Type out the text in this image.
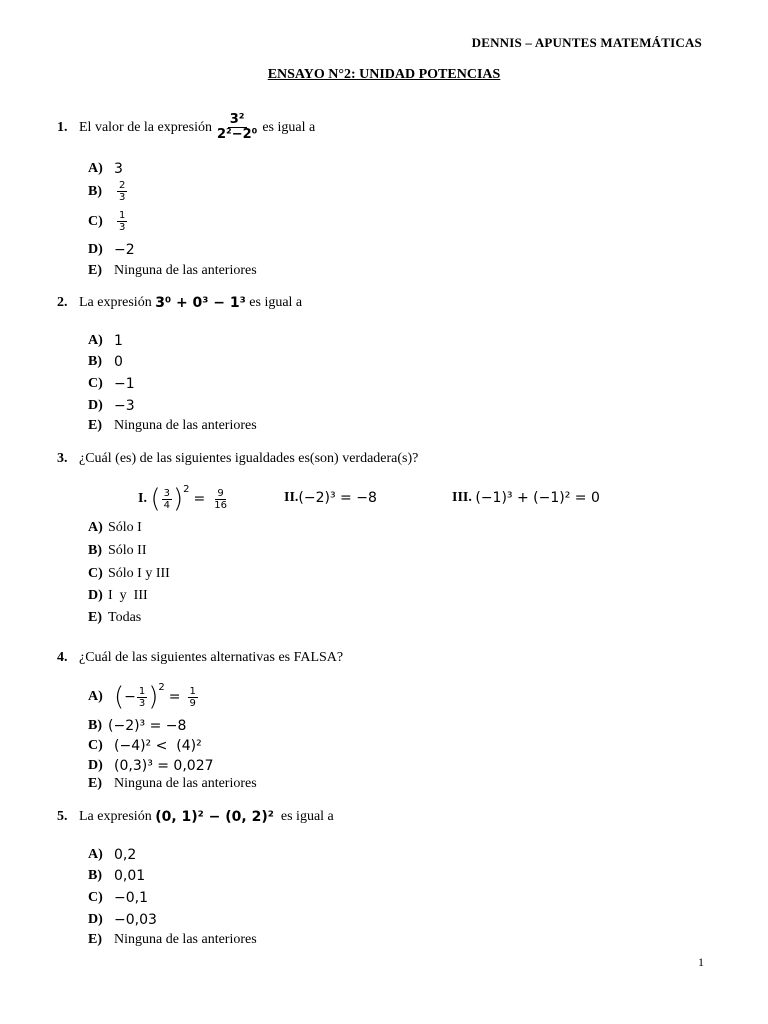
DENNIS – APUNTES MATEMÁTICAS
ENSAYO N°2: UNIDAD POTENCIAS
1. El valor de la expresión $\frac{\text{3²}}{\text{2²−2⁰}}$ es igual a
A) 3
B)	$\frac{2}{3}$
C)	$\frac{1}{3}$
D) −2
E) Ninguna de las anteriores
2. La expresión
3⁰ + 0³ − 1³
es igual a
A) 1
B) 0
C) −1
D) −3
E) Ninguna de las anteriores
3. ¿Cuál (es) de las siguientes igualdades es(son) verdadera(s)?
I.
( $\frac{3}{4}$ ) 2
= $\frac{9}{16}$	II. (−2)³ = −8	III.
(−1)³ + (−1)² = 0
A) Sólo I
B) Sólo II
C) Sólo I y III
D) I  y  III
E) Todas
4. ¿Cuál de las siguientes alternativas es FALSA?
A) ( − $\frac{1}{3}$ ) 2
= $\frac{1}{9}$
B) (−2)³ = −8
C) (−4)² <  (4)²
D) (0,3)³ = 0,027
E) Ninguna de las anteriores
5. La expresión
(0, 1)² − (0, 2)²
es igual a
A) 0,2
B) 0,01
C) −0,1
D) −0,03
E) Ninguna de las anteriores
1
